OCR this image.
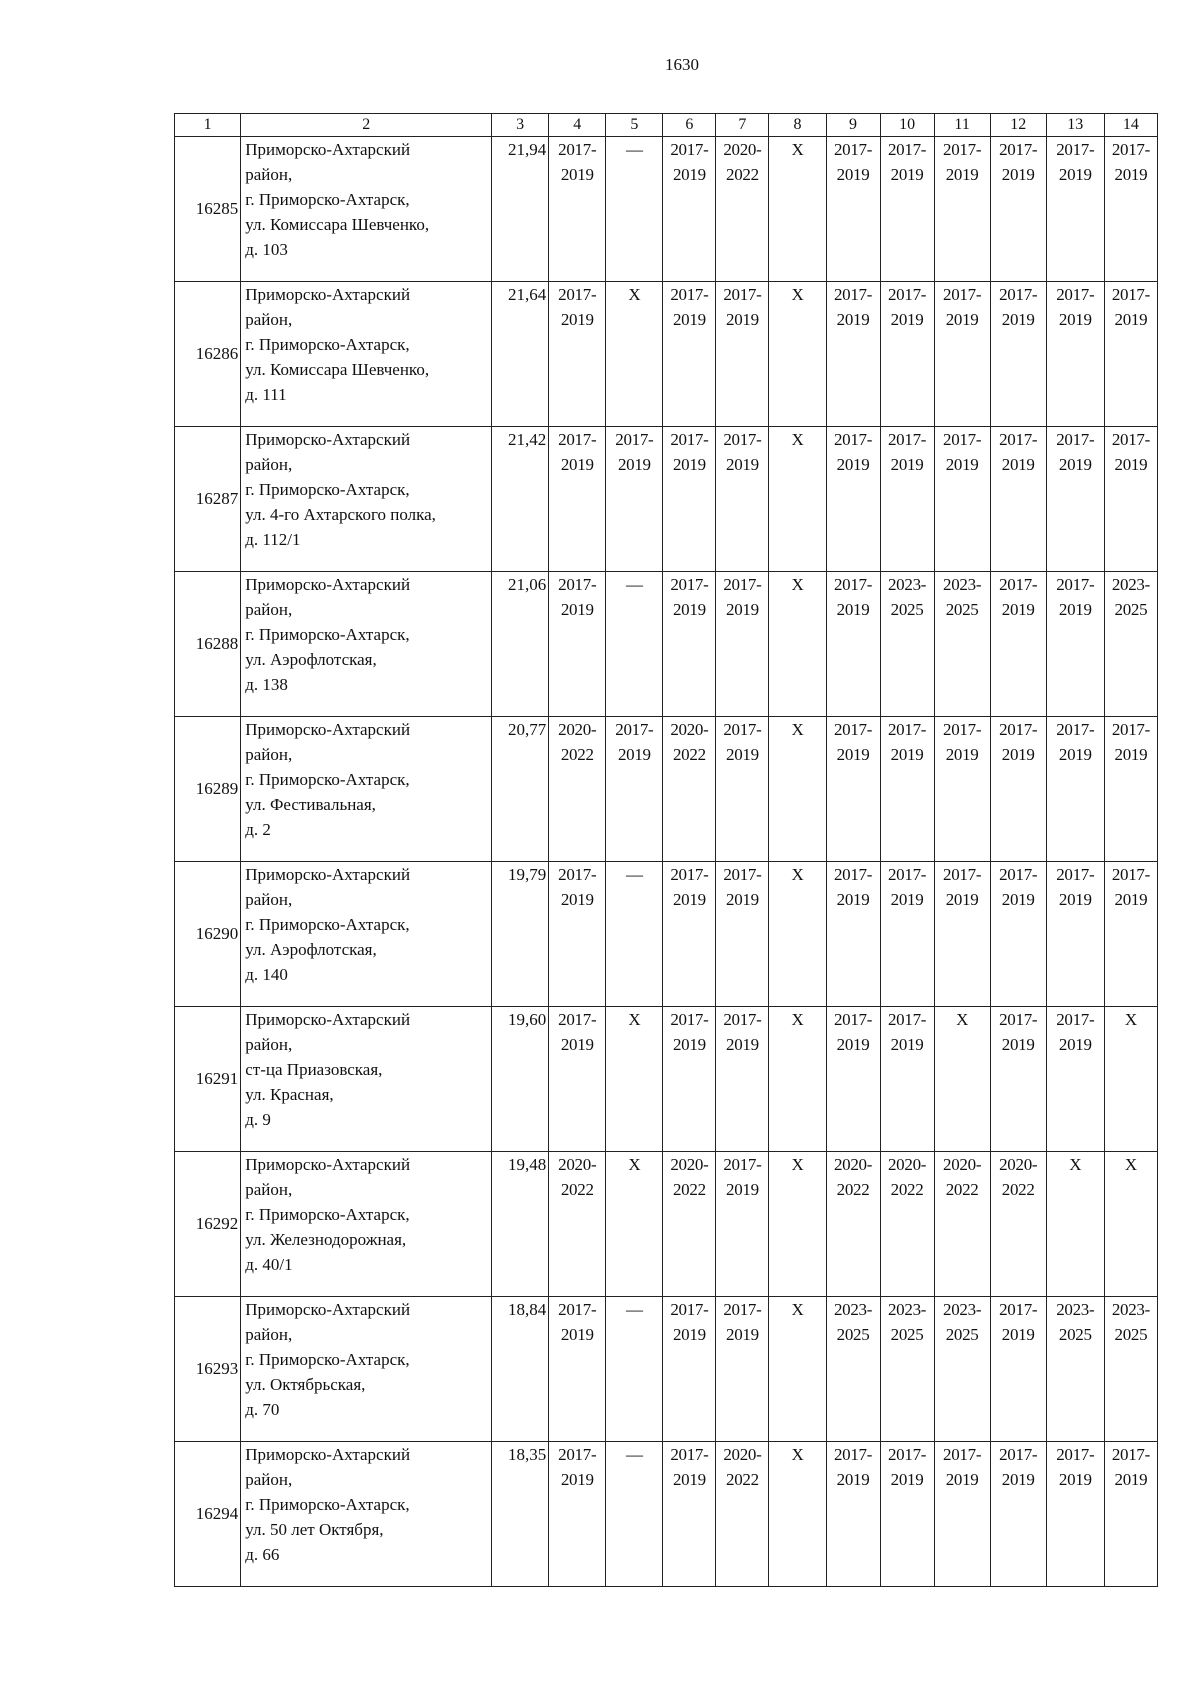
1630
1	2	3	4	5	6	7	8	9	10	11	12	13	14
16285	Приморско-Ахтарский
район,
г. Приморско-Ахтарск,
ул. Комиссара Шевченко,
д. 103	21,94	2017-
2019	—	2017-
2019	2020-
2022	X	2017-
2019	2017-
2019	2017-
2019	2017-
2019	2017-
2019	2017-
2019
16286	Приморско-Ахтарский
район,
г. Приморско-Ахтарск,
ул. Комиссара Шевченко,
д. 111	21,64	2017-
2019	X	2017-
2019	2017-
2019	X	2017-
2019	2017-
2019	2017-
2019	2017-
2019	2017-
2019	2017-
2019
16287	Приморско-Ахтарский
район,
г. Приморско-Ахтарск,
ул. 4-го Ахтарского полка,
д. 112/1	21,42	2017-
2019	2017-
2019	2017-
2019	2017-
2019	X	2017-
2019	2017-
2019	2017-
2019	2017-
2019	2017-
2019	2017-
2019
16288	Приморско-Ахтарский
район,
г. Приморско-Ахтарск,
ул. Аэрофлотская,
д. 138	21,06	2017-
2019	—	2017-
2019	2017-
2019	X	2017-
2019	2023-
2025	2023-
2025	2017-
2019	2017-
2019	2023-
2025
16289	Приморско-Ахтарский
район,
г. Приморско-Ахтарск,
ул. Фестивальная,
д. 2	20,77	2020-
2022	2017-
2019	2020-
2022	2017-
2019	X	2017-
2019	2017-
2019	2017-
2019	2017-
2019	2017-
2019	2017-
2019
16290	Приморско-Ахтарский
район,
г. Приморско-Ахтарск,
ул. Аэрофлотская,
д. 140	19,79	2017-
2019	—	2017-
2019	2017-
2019	X	2017-
2019	2017-
2019	2017-
2019	2017-
2019	2017-
2019	2017-
2019
16291	Приморско-Ахтарский
район,
ст-ца Приазовская,
ул. Красная,
д. 9	19,60	2017-
2019	X	2017-
2019	2017-
2019	X	2017-
2019	2017-
2019	X	2017-
2019	2017-
2019	X
16292	Приморско-Ахтарский
район,
г. Приморско-Ахтарск,
ул. Железнодорожная,
д. 40/1	19,48	2020-
2022	X	2020-
2022	2017-
2019	X	2020-
2022	2020-
2022	2020-
2022	2020-
2022	X	X
16293	Приморско-Ахтарский
район,
г. Приморско-Ахтарск,
ул. Октябрьская,
д. 70	18,84	2017-
2019	—	2017-
2019	2017-
2019	X	2023-
2025	2023-
2025	2023-
2025	2017-
2019	2023-
2025	2023-
2025
16294	Приморско-Ахтарский
район,
г. Приморско-Ахтарск,
ул. 50 лет Октября,
д. 66	18,35	2017-
2019	—	2017-
2019	2020-
2022	X	2017-
2019	2017-
2019	2017-
2019	2017-
2019	2017-
2019	2017-
2019
